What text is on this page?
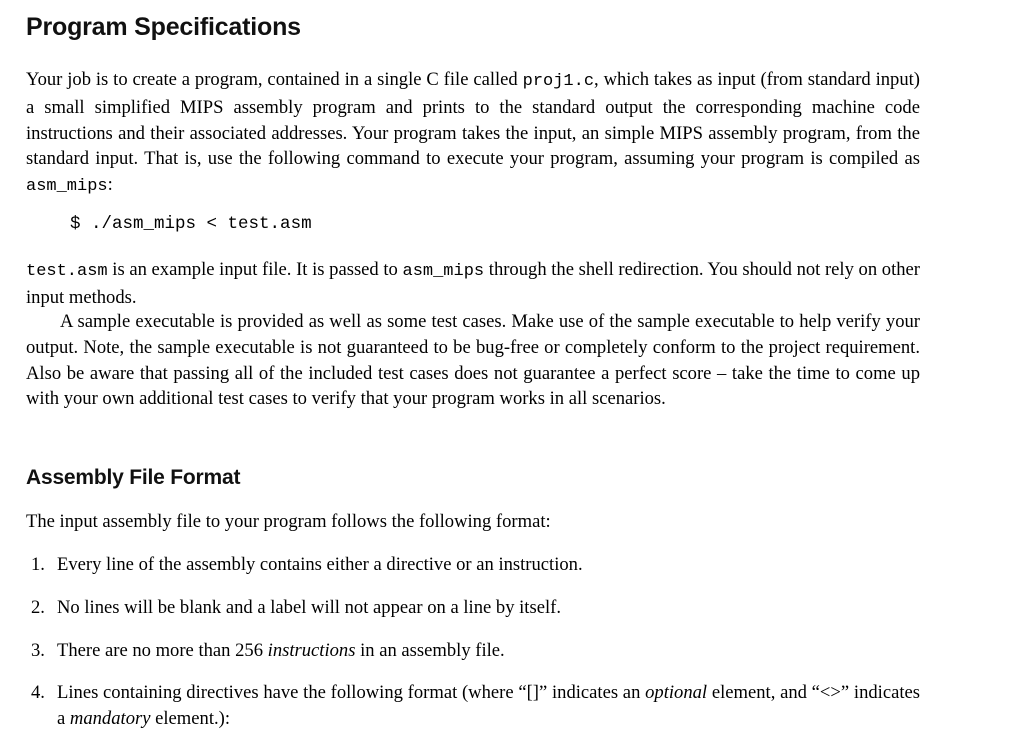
Program Specifications

Your job is to create a program, contained in a single C file called proj1.c, which takes as input (from standard input) a small simplified MIPS assembly program and prints to the standard output the corresponding machine code instructions and their associated addresses. Your program takes the input, an simple MIPS assembly program, from the standard input. That is, use the following command to execute your program, assuming your program is compiled as asm_mips:

$ ./asm_mips < test.asm

test.asm is an example input file. It is passed to asm_mips through the shell redirection. You should not rely on other input methods.

A sample executable is provided as well as some test cases. Make use of the sample executable to help verify your output. Note, the sample executable is not guaranteed to be bug-free or completely conform to the project requirement. Also be aware that passing all of the included test cases does not guarantee a perfect score – take the time to come up with your own additional test cases to verify that your program works in all scenarios.

Assembly File Format

The input assembly file to your program follows the following format:

1. Every line of the assembly contains either a directive or an instruction.
2. No lines will be blank and a label will not appear on a line by itself.
3. There are no more than 256 instructions in an assembly file.
4. Lines containing directives have the following format (where “[]” indicates an optional element, and “<>” indicates a mandatory element.):
